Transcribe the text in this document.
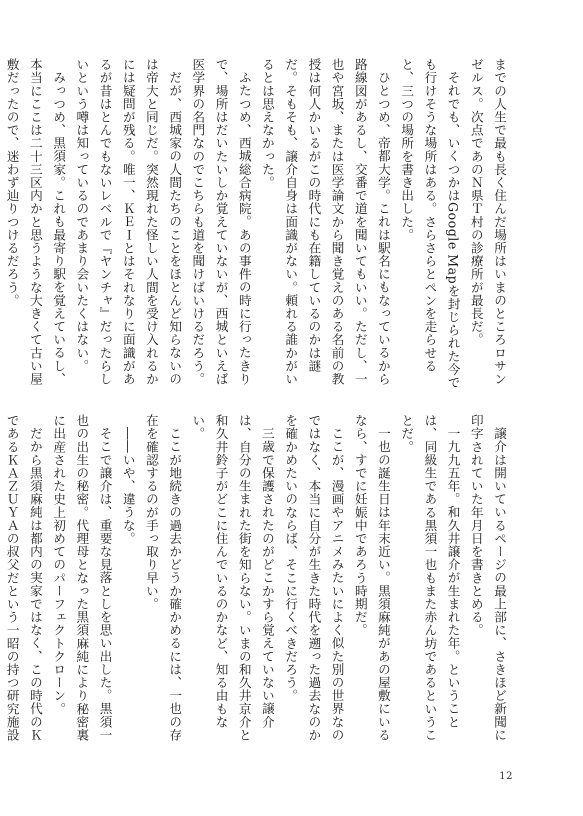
までの人生で最も長く住んだ場所はいまのところロサンゼルス。次点であのＮ県Ｔ村の診療所が最長だ。

それでも、いくつかはGoogle Mapを封じられた今でも行けそうな場所はある。さらさらとペンを走らせると、三つの場所を書き出した。

ひとつめ、帝都大学。これは駅名にもなっているから路線図があるし、交番で道を聞いてもいい。ただし、一也や宮坂、または医学論文から聞き覚えのある名前の教授は何人かいるがこの時代にも在籍しているのかは謎だ。そもそも、譲介自身は面識がない。頼れる誰かがいるとは思えなかった。

ふたつめ、西城総合病院。あの事件の時に行ったきりで、場所はだいたいしか覚えていないが、西城といえば医学界の名門なのでこちらも道を聞けばいけるだろう。

だが、西城家の人間たちのことをほとんど知らないのは帝大と同じだ。突然現れた怪しい人間を受け入れるかには疑問が残る。唯一、ＫＥＩとはそれなりに面識があるが昔はとんでもないレベルで『ヤンチャ』だったらしいという噂は知っているのであまり会いたくはない。

みっつめ、黒須家。これも最寄り駅を覚えているし、本当にここは二十三区内かと思うような大きくて古い屋敷だったので、迷わず辿りつけるだろう。

譲介は開いているページの最上部に、さきほど新聞に印字されていた年月日を書きとめる。

一九九五年。和久井譲介が生まれた年。ということは、同級生である黒須一也もまた赤ん坊であるということだ。

一也の誕生日は年末近い。黒須麻純があの屋敷にいるなら、すでに妊娠中であろう時期だ。

ここが、漫画やアニメみたいによく似た別の世界なのではなく、本当に自分が生きた時代を遡った過去なのかを確かめたいのならば、そこに行くべきだろう。

三歳で保護されたのがどこかすら覚えていない譲介は、自分の生まれた街を知らない。いまの和久井京介と和久井鈴子がどこに住んでいるのかなど、知る由もない。

ここが地続きの過去かどうか確かめるには、一也の存在を確認するのが手っ取り早い。

――いや、違うな。

そこで譲介は、重要な見落としを思い出した。黒須一也の出生の秘密。代理母となった黒須麻純により秘密裏に出産された史上初めてのパーフェクトクローン。

だから黒須麻純は都内の実家ではなく、この時代のＫであるＫＡＺＵＹＡの叔父だという一昭の持つ研究施設

12
